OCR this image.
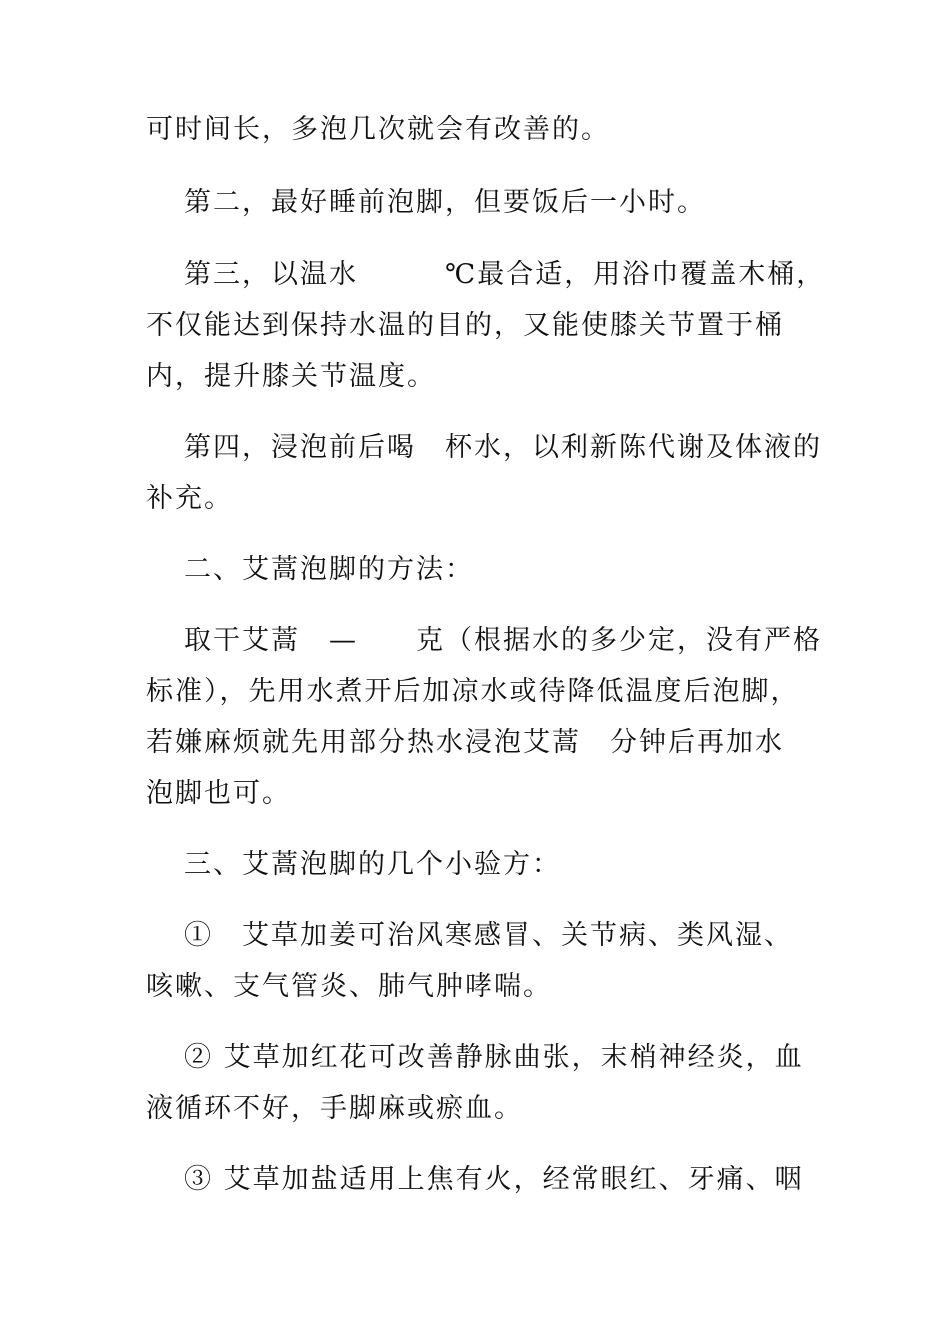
可时间长，多泡几次就会有改善的。
第二，最好睡前泡脚，但要饭后一小时。
第三，以温水　　　℃最合适，用浴巾覆盖木桶，
不仅能达到保持水温的目的，又能使膝关节置于桶
内，提升膝关节温度。
第四，浸泡前后喝　杯水，以利新陈代谢及体液的
补充。
二、艾蒿泡脚的方法：
取干艾蒿　—　　克（根据水的多少定，没有严格
标准），先用水煮开后加凉水或待降低温度后泡脚，
若嫌麻烦就先用部分热水浸泡艾蒿　分钟后再加水
泡脚也可。
三、艾蒿泡脚的几个小验方：
①　艾草加姜可治风寒感冒、关节病、类风湿、
咳嗽、支气管炎、肺气肿哮喘。
② 艾草加红花可改善静脉曲张，末梢神经炎，血
液循环不好，手脚麻或瘀血。
③ 艾草加盐适用上焦有火，经常眼红、牙痛、咽
